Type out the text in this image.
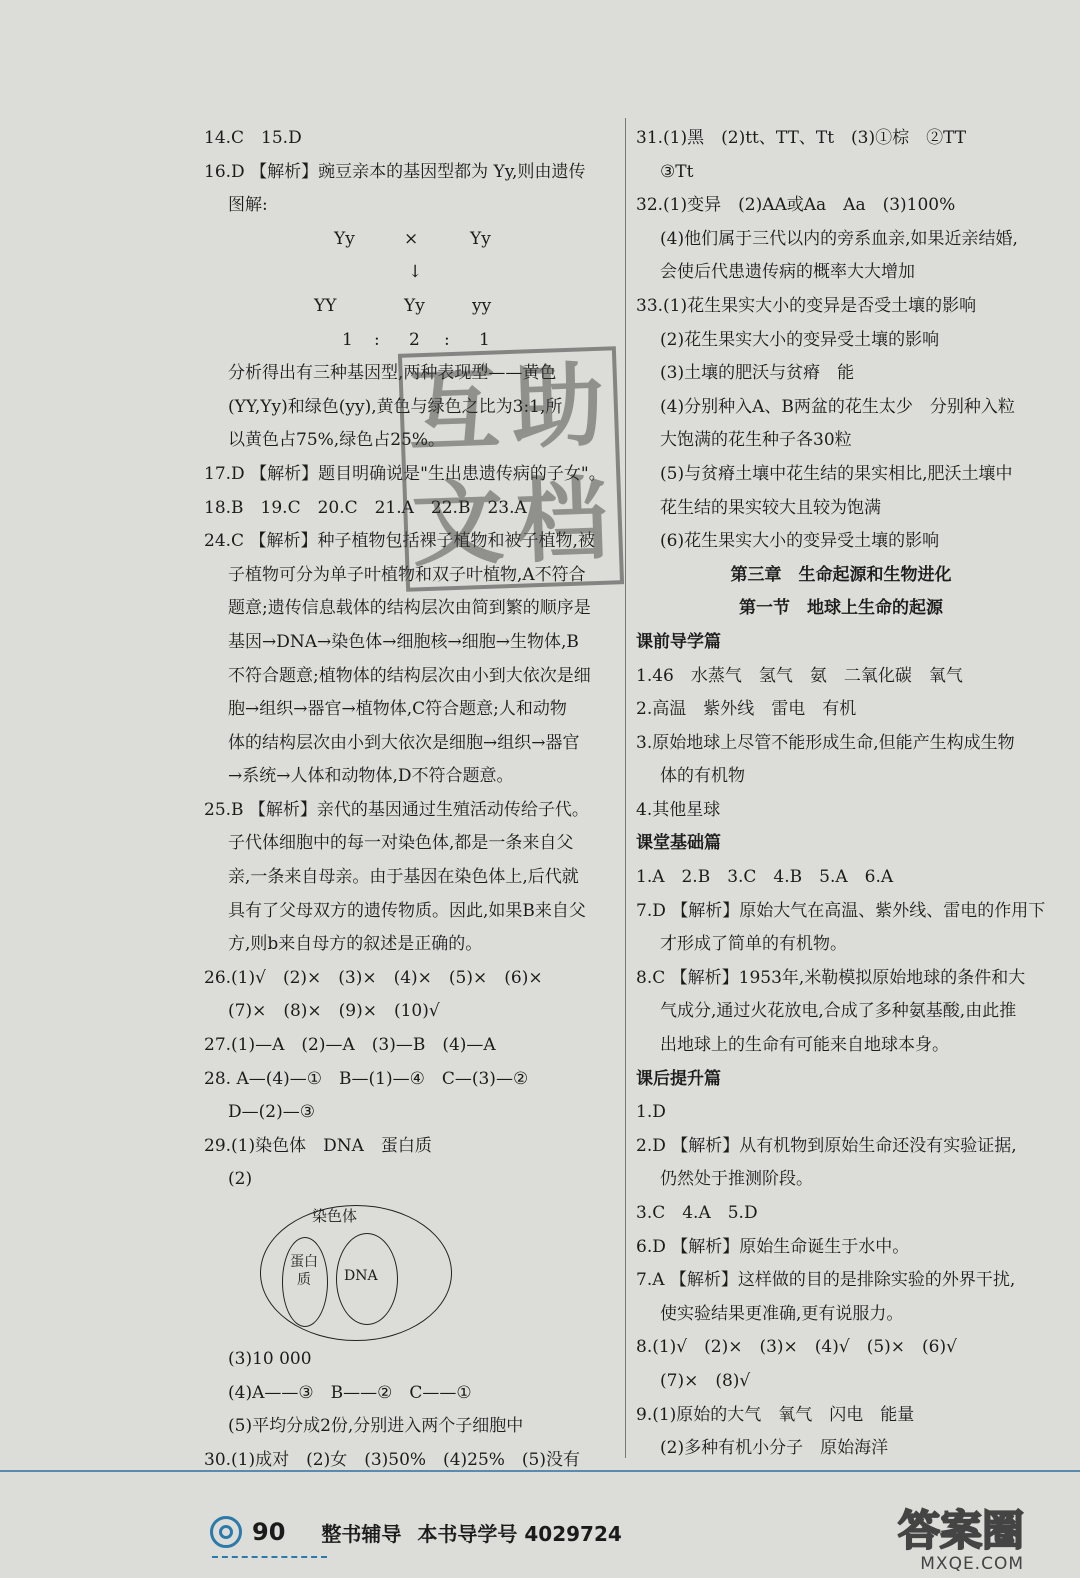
14.C　15.D
16.D 【解析】豌豆亲本的基因型都为 Yy,则由遗传
图解:
Yy	×	Yy
↓
YY	Yy	yy
1 : 2 : 1
分析得出有三种基因型,两种表现型——黄色
(YY,Yy)和绿色(yy),黄色与绿色之比为3:1,所
以黄色占75%,绿色占25%。
17.D 【解析】题目明确说是"生出患遗传病的子女"。
18.B　19.C　20.C　21.A　22.B　23.A
24.C 【解析】种子植物包括裸子植物和被子植物,被
子植物可分为单子叶植物和双子叶植物,A不符合
题意;遗传信息载体的结构层次由简到繁的顺序是
基因→DNA→染色体→细胞核→细胞→生物体,B
不符合题意;植物体的结构层次由小到大依次是细
胞→组织→器官→植物体,C符合题意;人和动物
体的结构层次由小到大依次是细胞→组织→器官
→系统→人体和动物体,D不符合题意。
25.B 【解析】亲代的基因通过生殖活动传给子代。
子代体细胞中的每一对染色体,都是一条来自父
亲,一条来自母亲。由于基因在染色体上,后代就
具有了父母双方的遗传物质。因此,如果B来自父
方,则b来自母方的叙述是正确的。
26.(1)√　(2)×　(3)×　(4)×　(5)×　(6)×
(7)×　(8)×　(9)×　(10)√
27.(1)—A　(2)—A　(3)—B　(4)—A
28. A—(4)—①　B—(1)—④　C—(3)—②
D—(2)—③
29.(1)染色体　DNA　蛋白质
(2)
染色体
蛋白质	DNA
(3)10 000
(4)A——③　B——②　C——①
(5)平均分成2份,分别进入两个子细胞中
30.(1)成对　(2)女　(3)50%　(4)25%　(5)没有
31.(1)黑　(2)tt、TT、Tt　(3)①棕　②TT
③Tt
32.(1)变异　(2)AA或Aa　Aa　(3)100%
(4)他们属于三代以内的旁系血亲,如果近亲结婚,
会使后代患遗传病的概率大大增加
33.(1)花生果实大小的变异是否受土壤的影响
(2)花生果实大小的变异受土壤的影响
(3)土壤的肥沃与贫瘠　能
(4)分别种入A、B两盆的花生太少　分别种入粒
大饱满的花生种子各30粒
(5)与贫瘠土壤中花生结的果实相比,肥沃土壤中
花生结的果实较大且较为饱满
(6)花生果实大小的变异受土壤的影响
第三章　生命起源和生物进化
第一节　地球上生命的起源
课前导学篇
1.46　水蒸气　氢气　氨　二氧化碳　氧气
2.高温　紫外线　雷电　有机
3.原始地球上尽管不能形成生命,但能产生构成生物
体的有机物
4.其他星球
课堂基础篇
1.A　2.B　3.C　4.B　5.A　6.A
7.D 【解析】原始大气在高温、紫外线、雷电的作用下
才形成了简单的有机物。
8.C 【解析】1953年,米勒模拟原始地球的条件和大
气成分,通过火花放电,合成了多种氨基酸,由此推
出地球上的生命有可能来自地球本身。
课后提升篇
1.D
2.D 【解析】从有机物到原始生命还没有实验证据,
仍然处于推测阶段。
3.C　4.A　5.D
6.D 【解析】原始生命诞生于水中。
7.A 【解析】这样做的目的是排除实验的外界干扰,
使实验结果更准确,更有说服力。
8.(1)√　(2)×　(3)×　(4)√　(5)×　(6)√
(7)×　(8)√
9.(1)原始的大气　氧气　闪电　能量
(2)多种有机小分子　原始海洋
互 助
文 档
90 整书辅导 本书导学号 4029724	答案圈
MXQE.COM
